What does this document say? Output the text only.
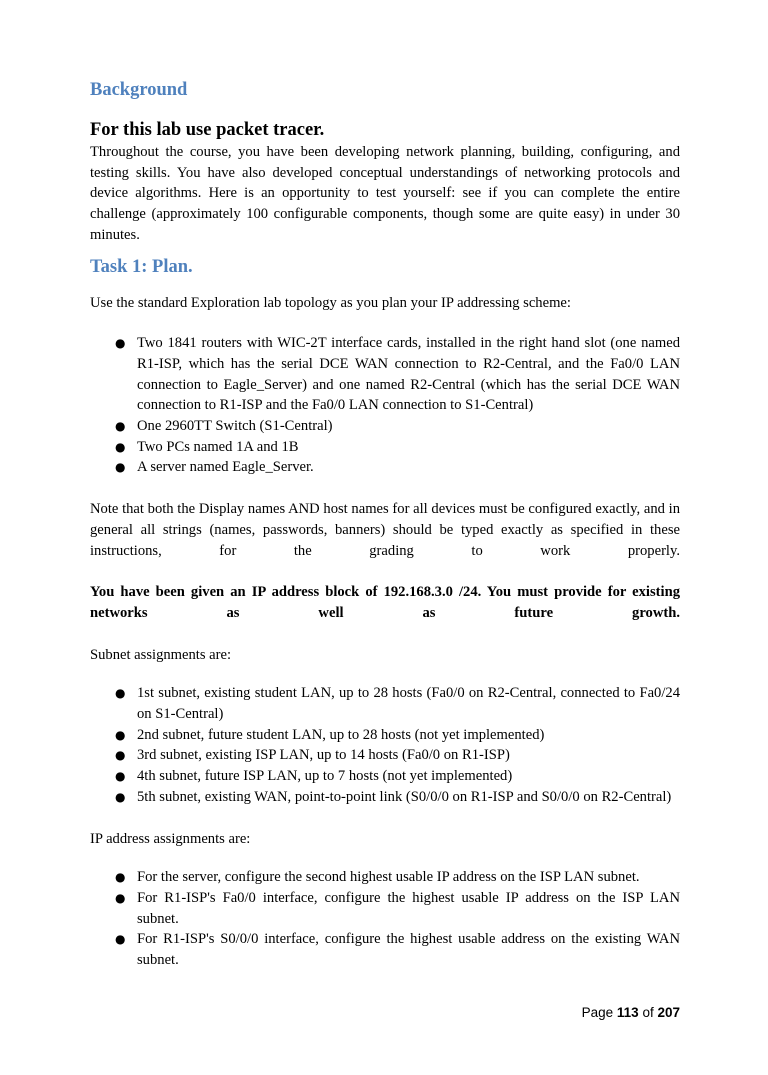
Background
For this lab use packet tracer.

Throughout the course, you have been developing network planning, building, configuring, and testing skills. You have also developed conceptual understandings of networking protocols and device algorithms. Here is an opportunity to test yourself: see if you can complete the entire challenge (approximately 100 configurable components, though some are quite easy) in under 30 minutes.

Task 1: Plan.

Use the standard Exploration lab topology as you plan your IP addressing scheme:

● Two 1841 routers with WIC-2T interface cards, installed in the right hand slot (one named R1-ISP, which has the serial DCE WAN connection to R2-Central, and the Fa0/0 LAN connection to Eagle_Server) and one named R2-Central (which has the serial DCE WAN connection to R1-ISP and the Fa0/0 LAN connection to S1-Central)
● One 2960TT Switch (S1-Central)
● Two PCs named 1A and 1B
● A server named Eagle_Server.

Note that both the Display names AND host names for all devices must be configured exactly, and in general all strings (names, passwords, banners) should be typed exactly as specified in these instructions, for the grading to work properly.

You have been given an IP address block of 192.168.3.0 /24. You must provide for existing networks as well as future growth.

Subnet assignments are:

● 1st subnet, existing student LAN, up to 28 hosts (Fa0/0 on R2-Central, connected to Fa0/24 on S1-Central)
● 2nd subnet, future student LAN, up to 28 hosts (not yet implemented)
● 3rd subnet, existing ISP LAN, up to 14 hosts (Fa0/0 on R1-ISP)
● 4th subnet, future ISP LAN, up to 7 hosts (not yet implemented)
● 5th subnet, existing WAN, point-to-point link (S0/0/0 on R1-ISP and S0/0/0 on R2-Central)

IP address assignments are:

● For the server, configure the second highest usable IP address on the ISP LAN subnet.
● For R1-ISP's Fa0/0 interface, configure the highest usable IP address on the ISP LAN subnet.
● For R1-ISP's S0/0/0 interface, configure the highest usable address on the existing WAN subnet.
Page 113 of 207
